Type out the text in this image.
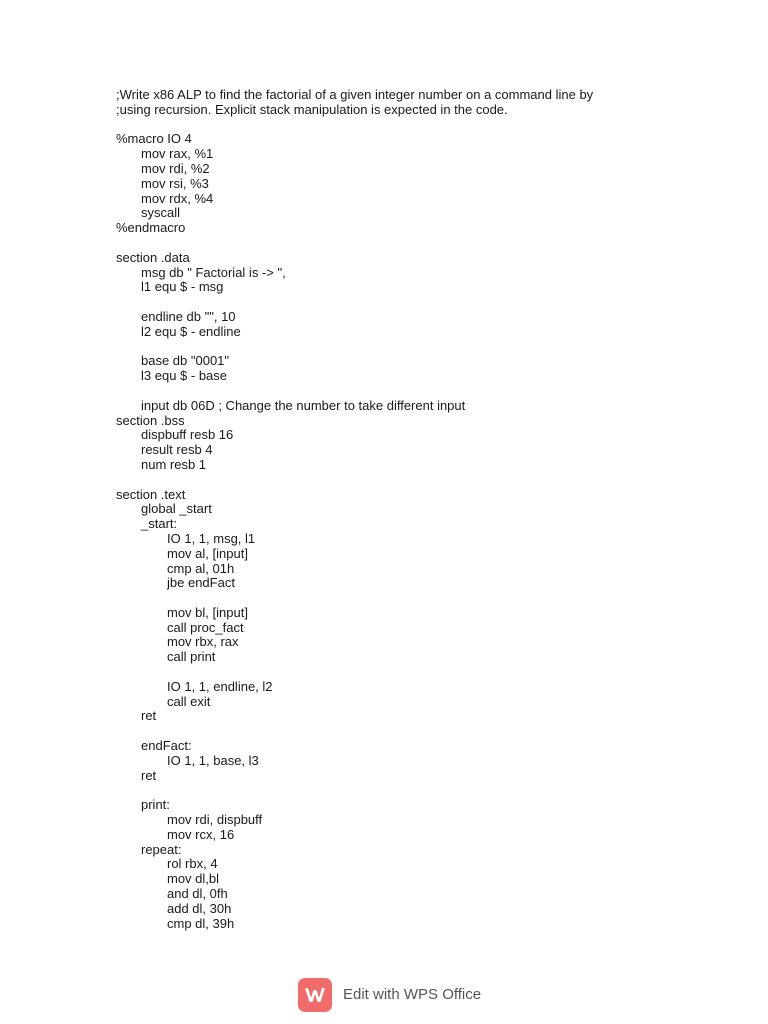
;Write x86 ALP to find the factorial of a given integer number on a command line by
;using recursion. Explicit stack manipulation is expected in the code.
%macro IO 4
mov rax, %1
mov rdi, %2
mov rsi, %3
mov rdx, %4
syscall
%endmacro
section .data
msg db " Factorial is -> ",
l1 equ $ - msg
endline db "", 10
l2 equ $ - endline
base db "0001"
l3 equ $ - base
input db 06D ; Change the number to take different input
section .bss
dispbuff resb 16
result resb 4
num resb 1
section .text
global _start
_start:
IO 1, 1, msg, l1
mov al, [input]
cmp al, 01h
jbe endFact
mov bl, [input]
call proc_fact
mov rbx, rax
call print
IO 1, 1, endline, l2
call exit
ret
endFact:
IO 1, 1, base, l3
ret
print:
mov rdi, dispbuff
mov rcx, 16
repeat:
rol rbx, 4
mov dl,bl
and dl, 0fh
add dl, 30h
cmp dl, 39h
Edit with WPS Office
